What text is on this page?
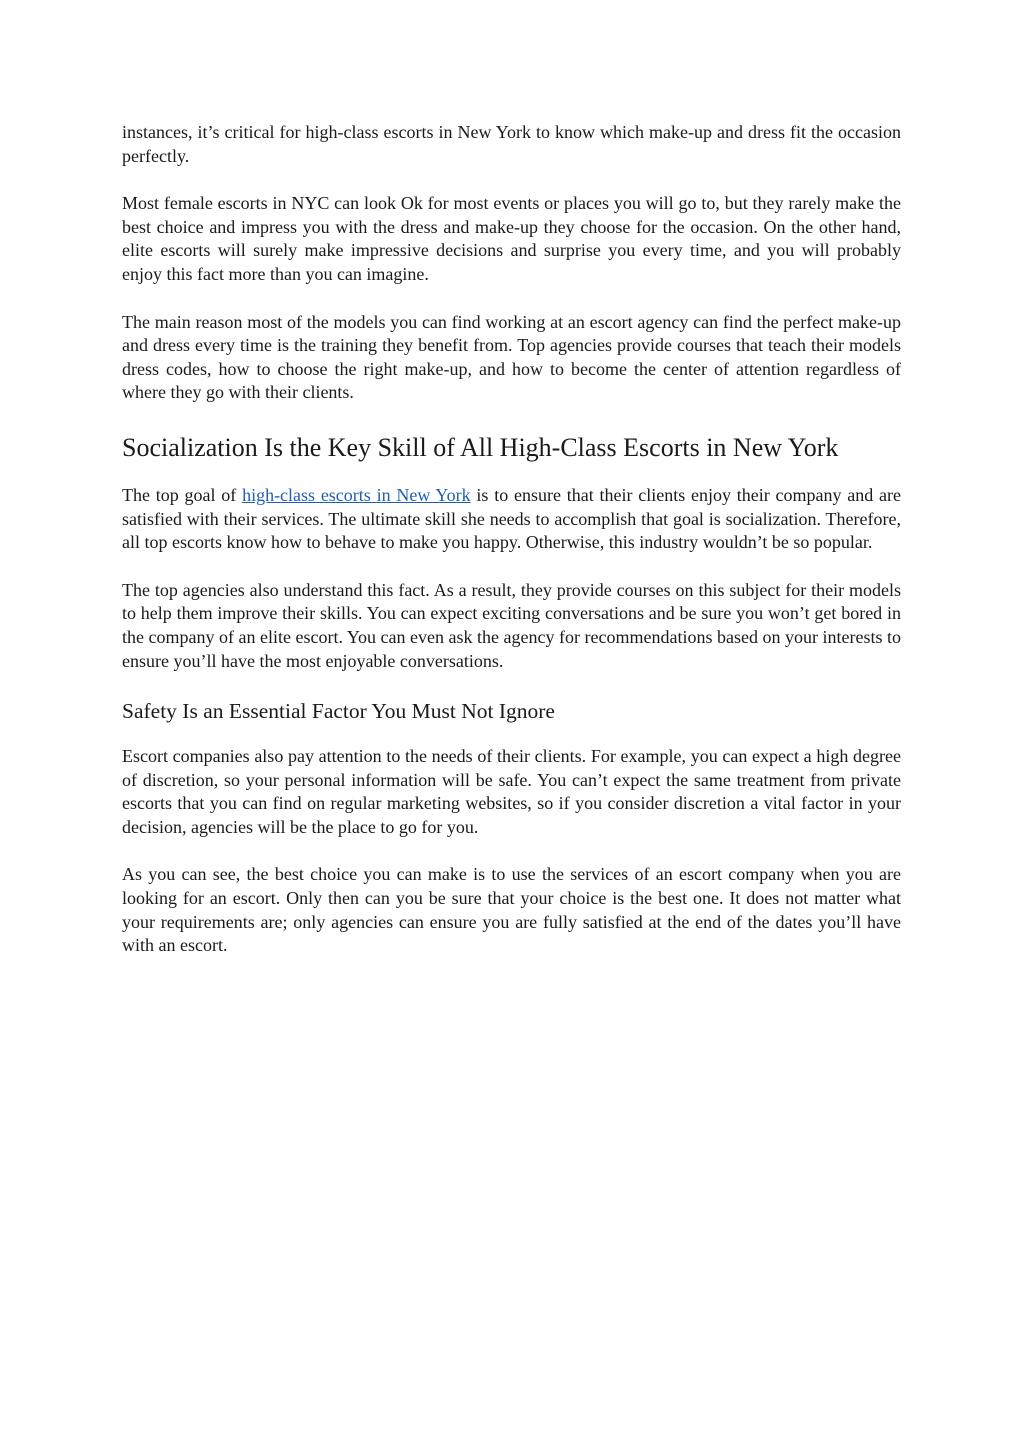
instances, it’s critical for high-class escorts in New York to know which make-up and dress fit the occasion perfectly.

Most female escorts in NYC can look Ok for most events or places you will go to, but they rarely make the best choice and impress you with the dress and make-up they choose for the occasion. On the other hand, elite escorts will surely make impressive decisions and surprise you every time, and you will probably enjoy this fact more than you can imagine.

The main reason most of the models you can find working at an escort agency can find the perfect make-up and dress every time is the training they benefit from. Top agencies provide courses that teach their models dress codes, how to choose the right make-up, and how to become the center of attention regardless of where they go with their clients.

Socialization Is the Key Skill of All High-Class Escorts in New York

The top goal of high-class escorts in New York is to ensure that their clients enjoy their company and are satisfied with their services. The ultimate skill she needs to accomplish that goal is socialization. Therefore, all top escorts know how to behave to make you happy. Otherwise, this industry wouldn’t be so popular.

The top agencies also understand this fact. As a result, they provide courses on this subject for their models to help them improve their skills. You can expect exciting conversations and be sure you won’t get bored in the company of an elite escort. You can even ask the agency for recommendations based on your interests to ensure you’ll have the most enjoyable conversations.

Safety Is an Essential Factor You Must Not Ignore

Escort companies also pay attention to the needs of their clients. For example, you can expect a high degree of discretion, so your personal information will be safe. You can’t expect the same treatment from private escorts that you can find on regular marketing websites, so if you consider discretion a vital factor in your decision, agencies will be the place to go for you.

As you can see, the best choice you can make is to use the services of an escort company when you are looking for an escort. Only then can you be sure that your choice is the best one. It does not matter what your requirements are; only agencies can ensure you are fully satisfied at the end of the dates you’ll have with an escort.
